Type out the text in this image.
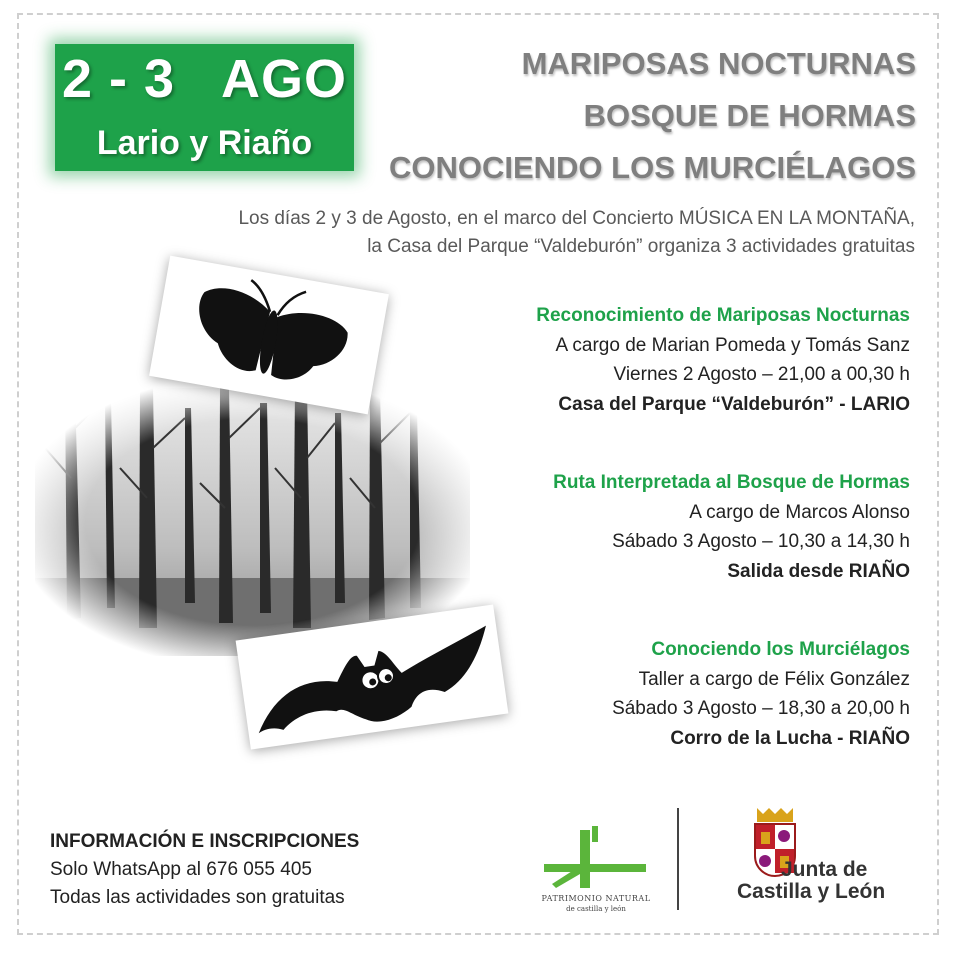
2 - 3   AGO
Lario y Riaño
MARIPOSAS NOCTURNAS
BOSQUE DE HORMAS
CONOCIENDO LOS MURCIÉLAGOS
Los días 2 y 3 de Agosto, en el marco del Concierto MÚSICA EN LA MONTAÑA,
la Casa del Parque “Valdeburón” organiza 3 actividades gratuitas
Reconocimiento de Mariposas Nocturnas
A cargo de Marian Pomeda y Tomás Sanz
Viernes 2 Agosto – 21,00 a 00,30 h
Casa del Parque “Valdeburón” - LARIO
Ruta Interpretada al Bosque de Hormas
A cargo de Marcos Alonso
Sábado 3 Agosto – 10,30 a 14,30 h
Salida desde RIAÑO
Conociendo los Murciélagos
Taller a cargo de Félix González
Sábado 3 Agosto – 18,30 a 20,00 h
Corro de la Lucha - RIAÑO
INFORMACIÓN E INSCRIPCIONES
Solo WhatsApp al 676 055 405
Todas las actividades son gratuitas	PATRIMONIO NATURAL
de castilla y león
Junta de
Castilla y León
